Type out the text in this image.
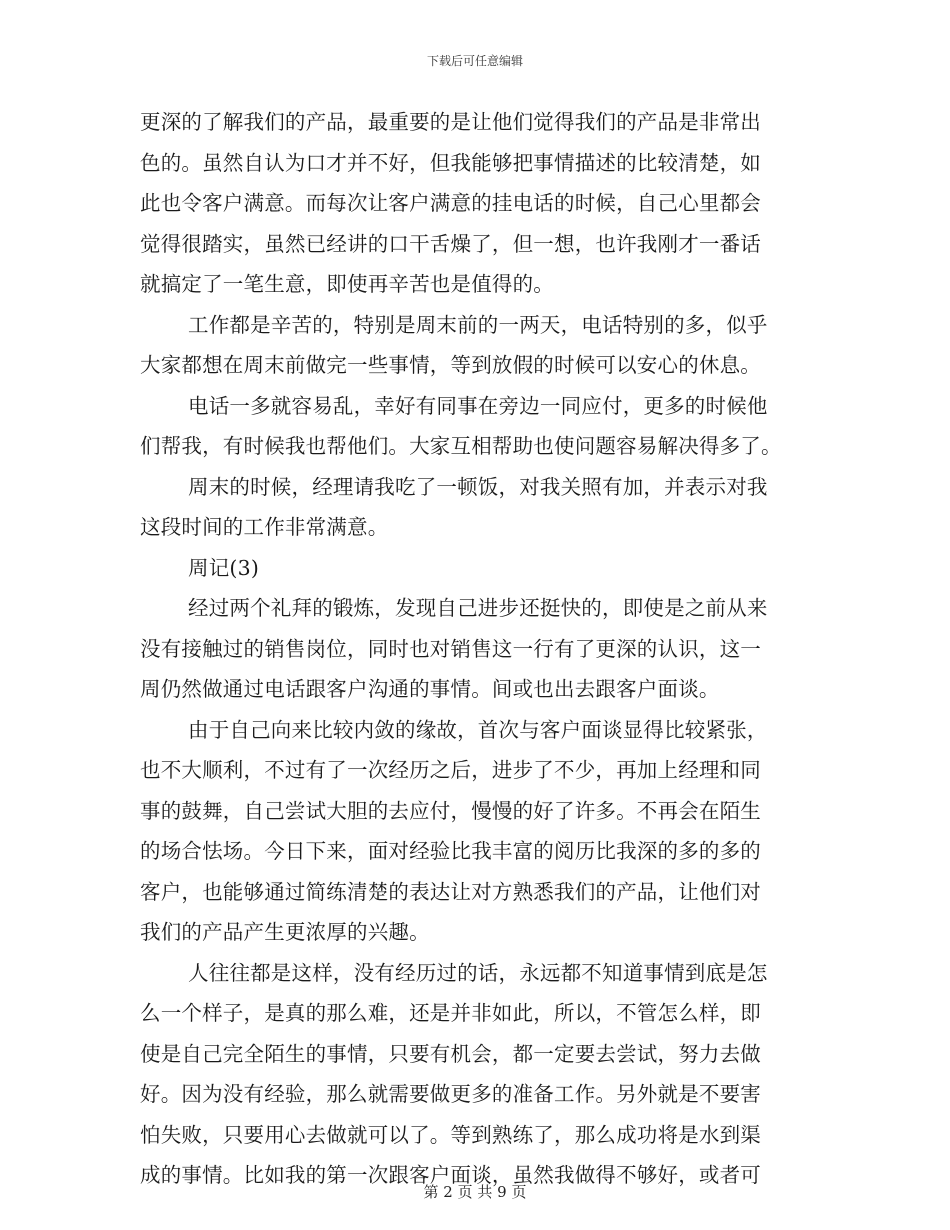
下载后可任意编辑
更深的了解我们的产品，最重要的是让他们觉得我们的产品是非常出
色的。虽然自认为口才并不好，但我能够把事情描述的比较清楚，如
此也令客户满意。而每次让客户满意的挂电话的时候，自己心里都会
觉得很踏实，虽然已经讲的口干舌燥了，但一想，也许我刚才一番话
就搞定了一笔生意，即使再辛苦也是值得的。
工作都是辛苦的，特别是周末前的一两天，电话特别的多，似乎
大家都想在周末前做完一些事情，等到放假的时候可以安心的休息。
电话一多就容易乱，幸好有同事在旁边一同应付，更多的时候他
们帮我，有时候我也帮他们。大家互相帮助也使问题容易解决得多了。
周末的时候，经理请我吃了一顿饭，对我关照有加，并表示对我
这段时间的工作非常满意。
周记(3)
经过两个礼拜的锻炼，发现自己进步还挺快的，即使是之前从来
没有接触过的销售岗位，同时也对销售这一行有了更深的认识，这一
周仍然做通过电话跟客户沟通的事情。间或也出去跟客户面谈。
由于自己向来比较内敛的缘故，首次与客户面谈显得比较紧张，
也不大顺利，不过有了一次经历之后，进步了不少，再加上经理和同
事的鼓舞，自己尝试大胆的去应付，慢慢的好了许多。不再会在陌生
的场合怯场。今日下来，面对经验比我丰富的阅历比我深的多的多的
客户，也能够通过简练清楚的表达让对方熟悉我们的产品，让他们对
我们的产品产生更浓厚的兴趣。
人往往都是这样，没有经历过的话，永远都不知道事情到底是怎
么一个样子，是真的那么难，还是并非如此，所以，不管怎么样，即
使是自己完全陌生的事情，只要有机会，都一定要去尝试，努力去做
好。因为没有经验，那么就需要做更多的准备工作。另外就是不要害
怕失败，只要用心去做就可以了。等到熟练了，那么成功将是水到渠
成的事情。比如我的第一次跟客户面谈，虽然我做得不够好，或者可
第 2 页 共 9 页
